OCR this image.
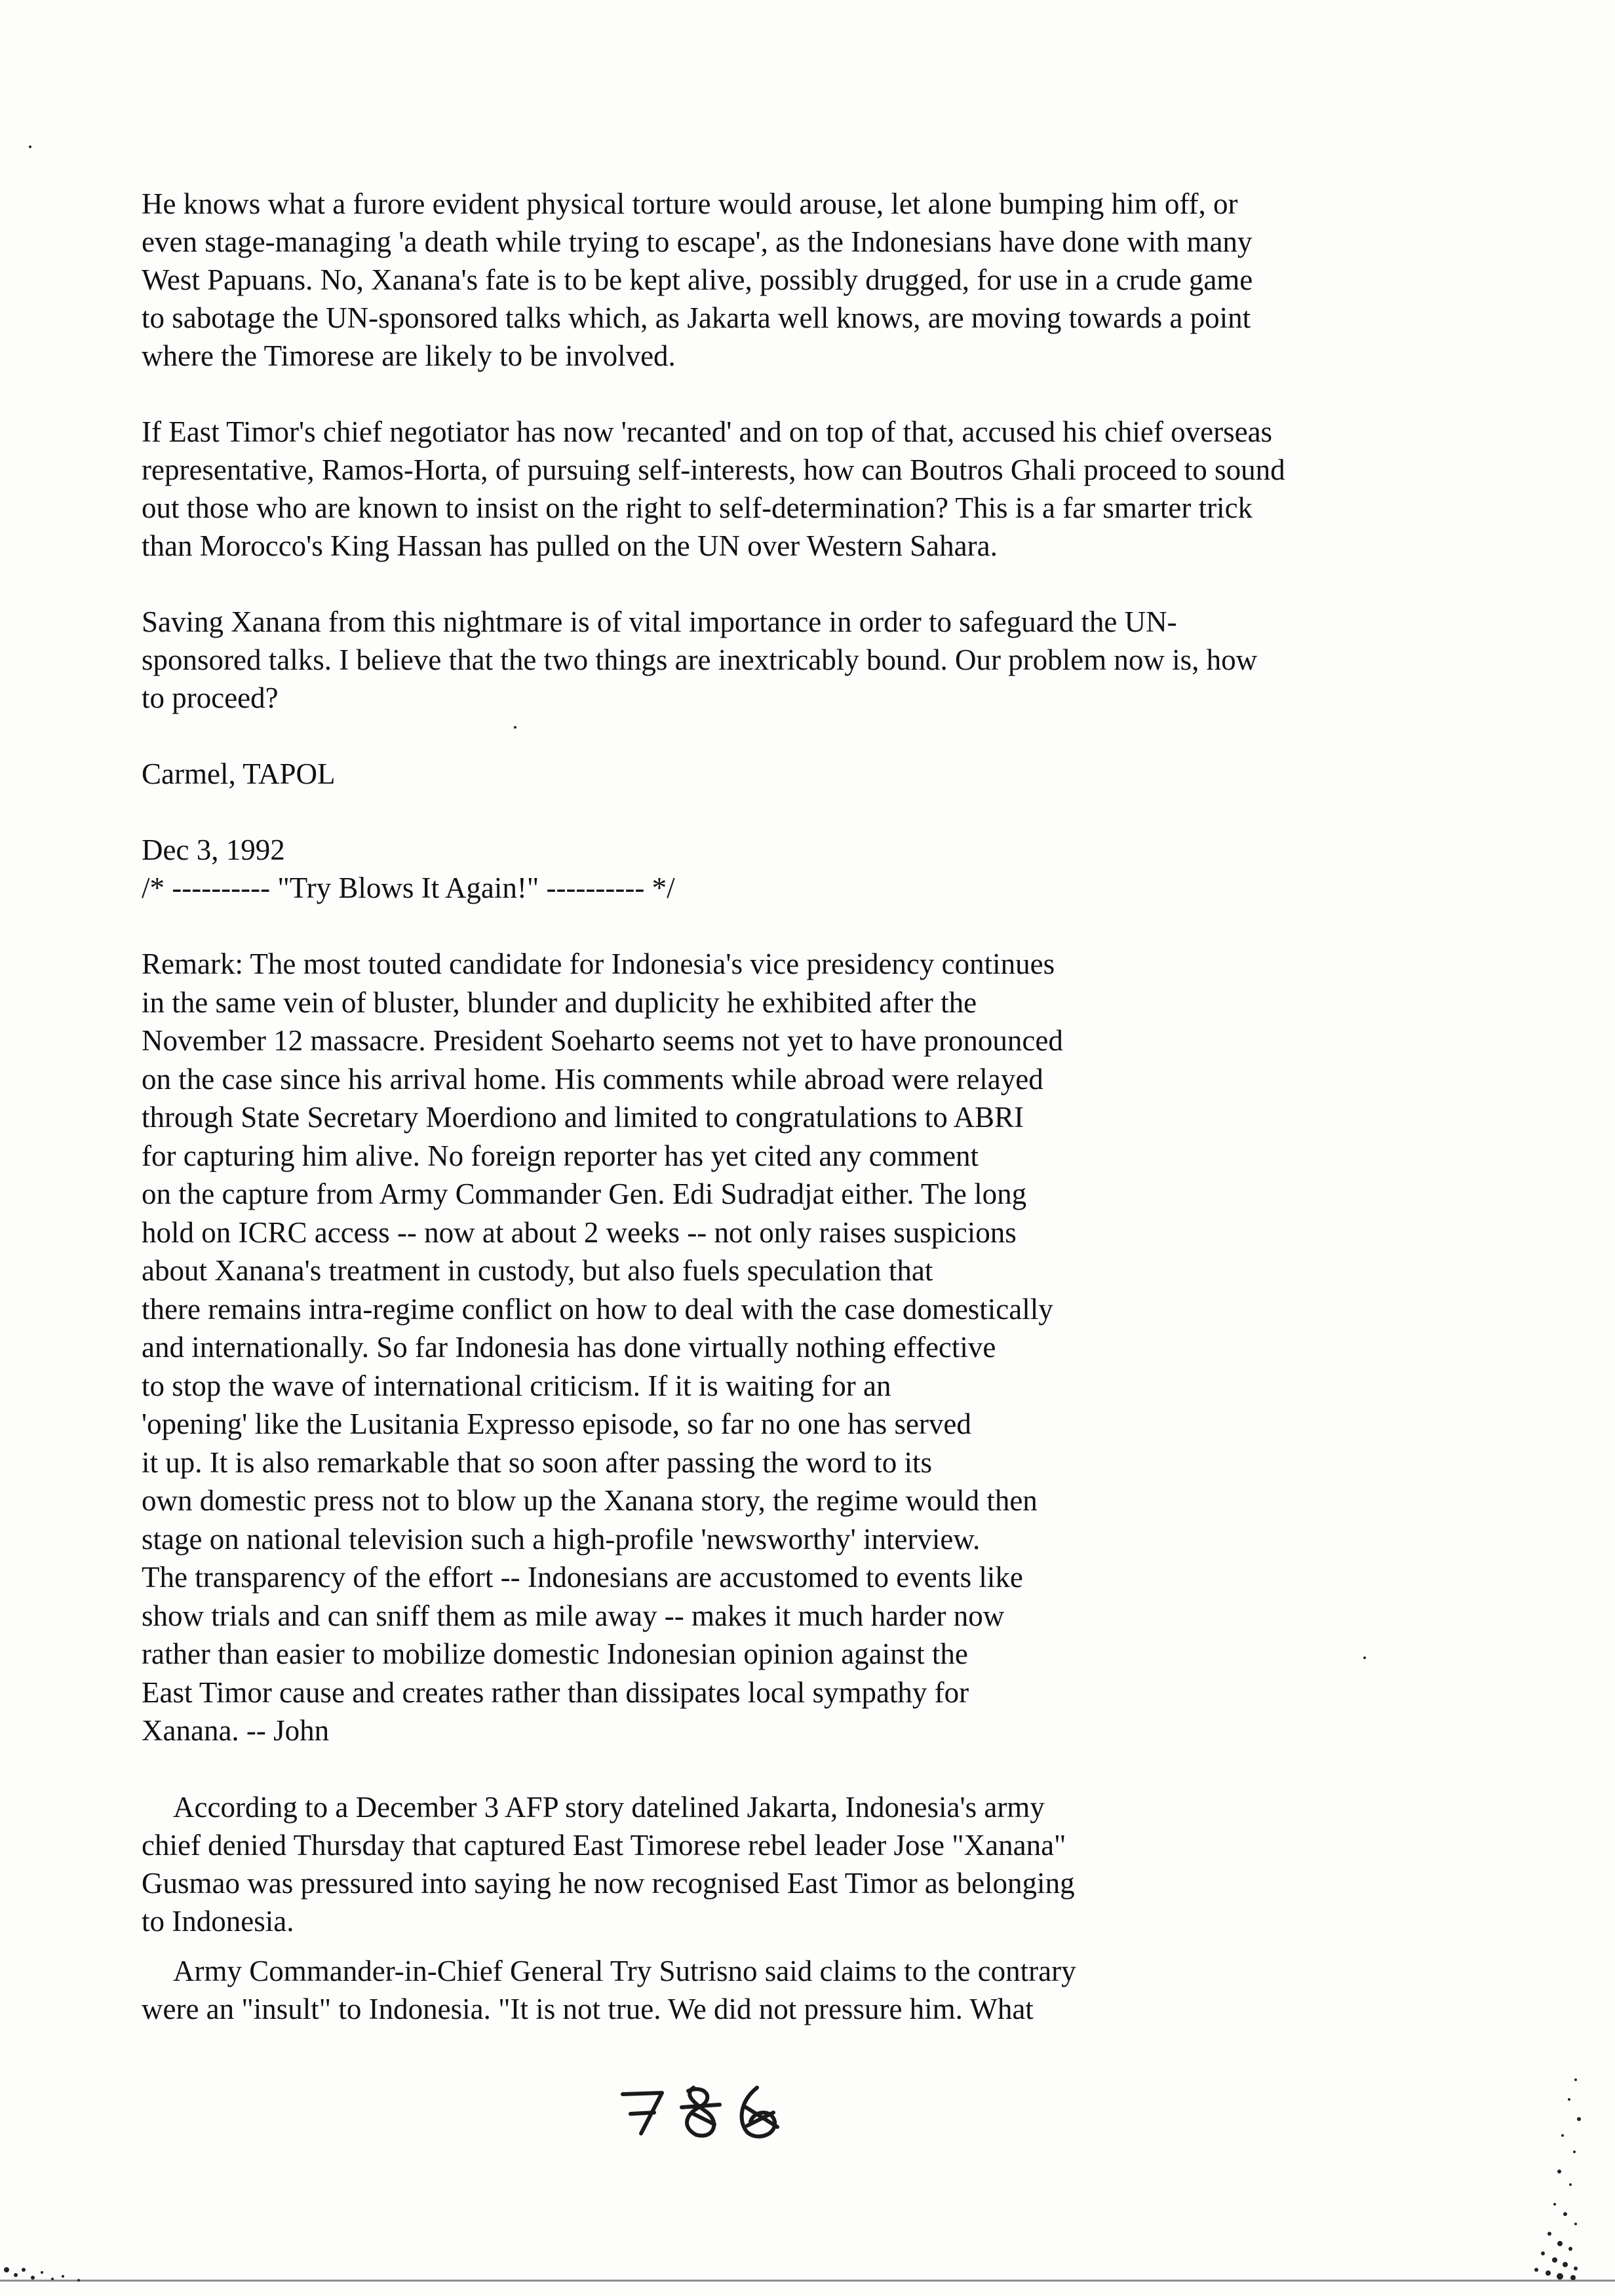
He knows what a furore evident physical torture would arouse, let alone bumping him off, or
even stage-managing 'a death while trying to escape', as the Indonesians have done with many
West Papuans. No, Xanana's fate is to be kept alive, possibly drugged, for use in a crude game
to sabotage the UN-sponsored talks which, as Jakarta well knows, are moving towards a point
where the Timorese are likely to be involved.

If East Timor's chief negotiator has now 'recanted' and on top of that, accused his chief overseas
representative, Ramos-Horta, of pursuing self-interests, how can Boutros Ghali proceed to sound
out those who are known to insist on the right to self-determination? This is a far smarter trick
than Morocco's King Hassan has pulled on the UN over Western Sahara.

Saving Xanana from this nightmare is of vital importance in order to safeguard the UN-
sponsored talks. I believe that the two things are inextricably bound. Our problem now is, how
to proceed?

Carmel, TAPOL

Dec 3, 1992

/* ---------- "Try Blows It Again!" ---------- */

Remark: The most touted candidate for Indonesia's vice presidency continues
in the same vein of bluster, blunder and duplicity he exhibited after the
November 12 massacre. President Soeharto seems not yet to have pronounced
on the case since his arrival home. His comments while abroad were relayed
through State Secretary Moerdiono and limited to congratulations to ABRI
for capturing him alive. No foreign reporter has yet cited any comment
on the capture from Army Commander Gen. Edi Sudradjat either. The long
hold on ICRC access -- now at about 2 weeks -- not only raises suspicions
about Xanana's treatment in custody, but also fuels speculation that
there remains intra-regime conflict on how to deal with the case domestically
and internationally. So far Indonesia has done virtually nothing effective
to stop the wave of international criticism. If it is waiting for an
'opening' like the Lusitania Expresso episode, so far no one has served
it up. It is also remarkable that so soon after passing the word to its
own domestic press not to blow up the Xanana story, the regime would then
stage on national television such a high-profile 'newsworthy' interview.
The transparency of the effort -- Indonesians are accustomed to events like
show trials and can sniff them as mile away -- makes it much harder now
rather than easier to mobilize domestic Indonesian opinion against the
East Timor cause and creates rather than dissipates local sympathy for
Xanana. -- John

According to a December 3 AFP story datelined Jakarta, Indonesia's army
chief denied Thursday that captured East Timorese rebel leader Jose "Xanana"
Gusmao was pressured into saying he now recognised East Timor as belonging
to Indonesia.

Army Commander-in-Chief General Try Sutrisno said claims to the contrary
were an "insult" to Indonesia. "It is not true. We did not pressure him. What
